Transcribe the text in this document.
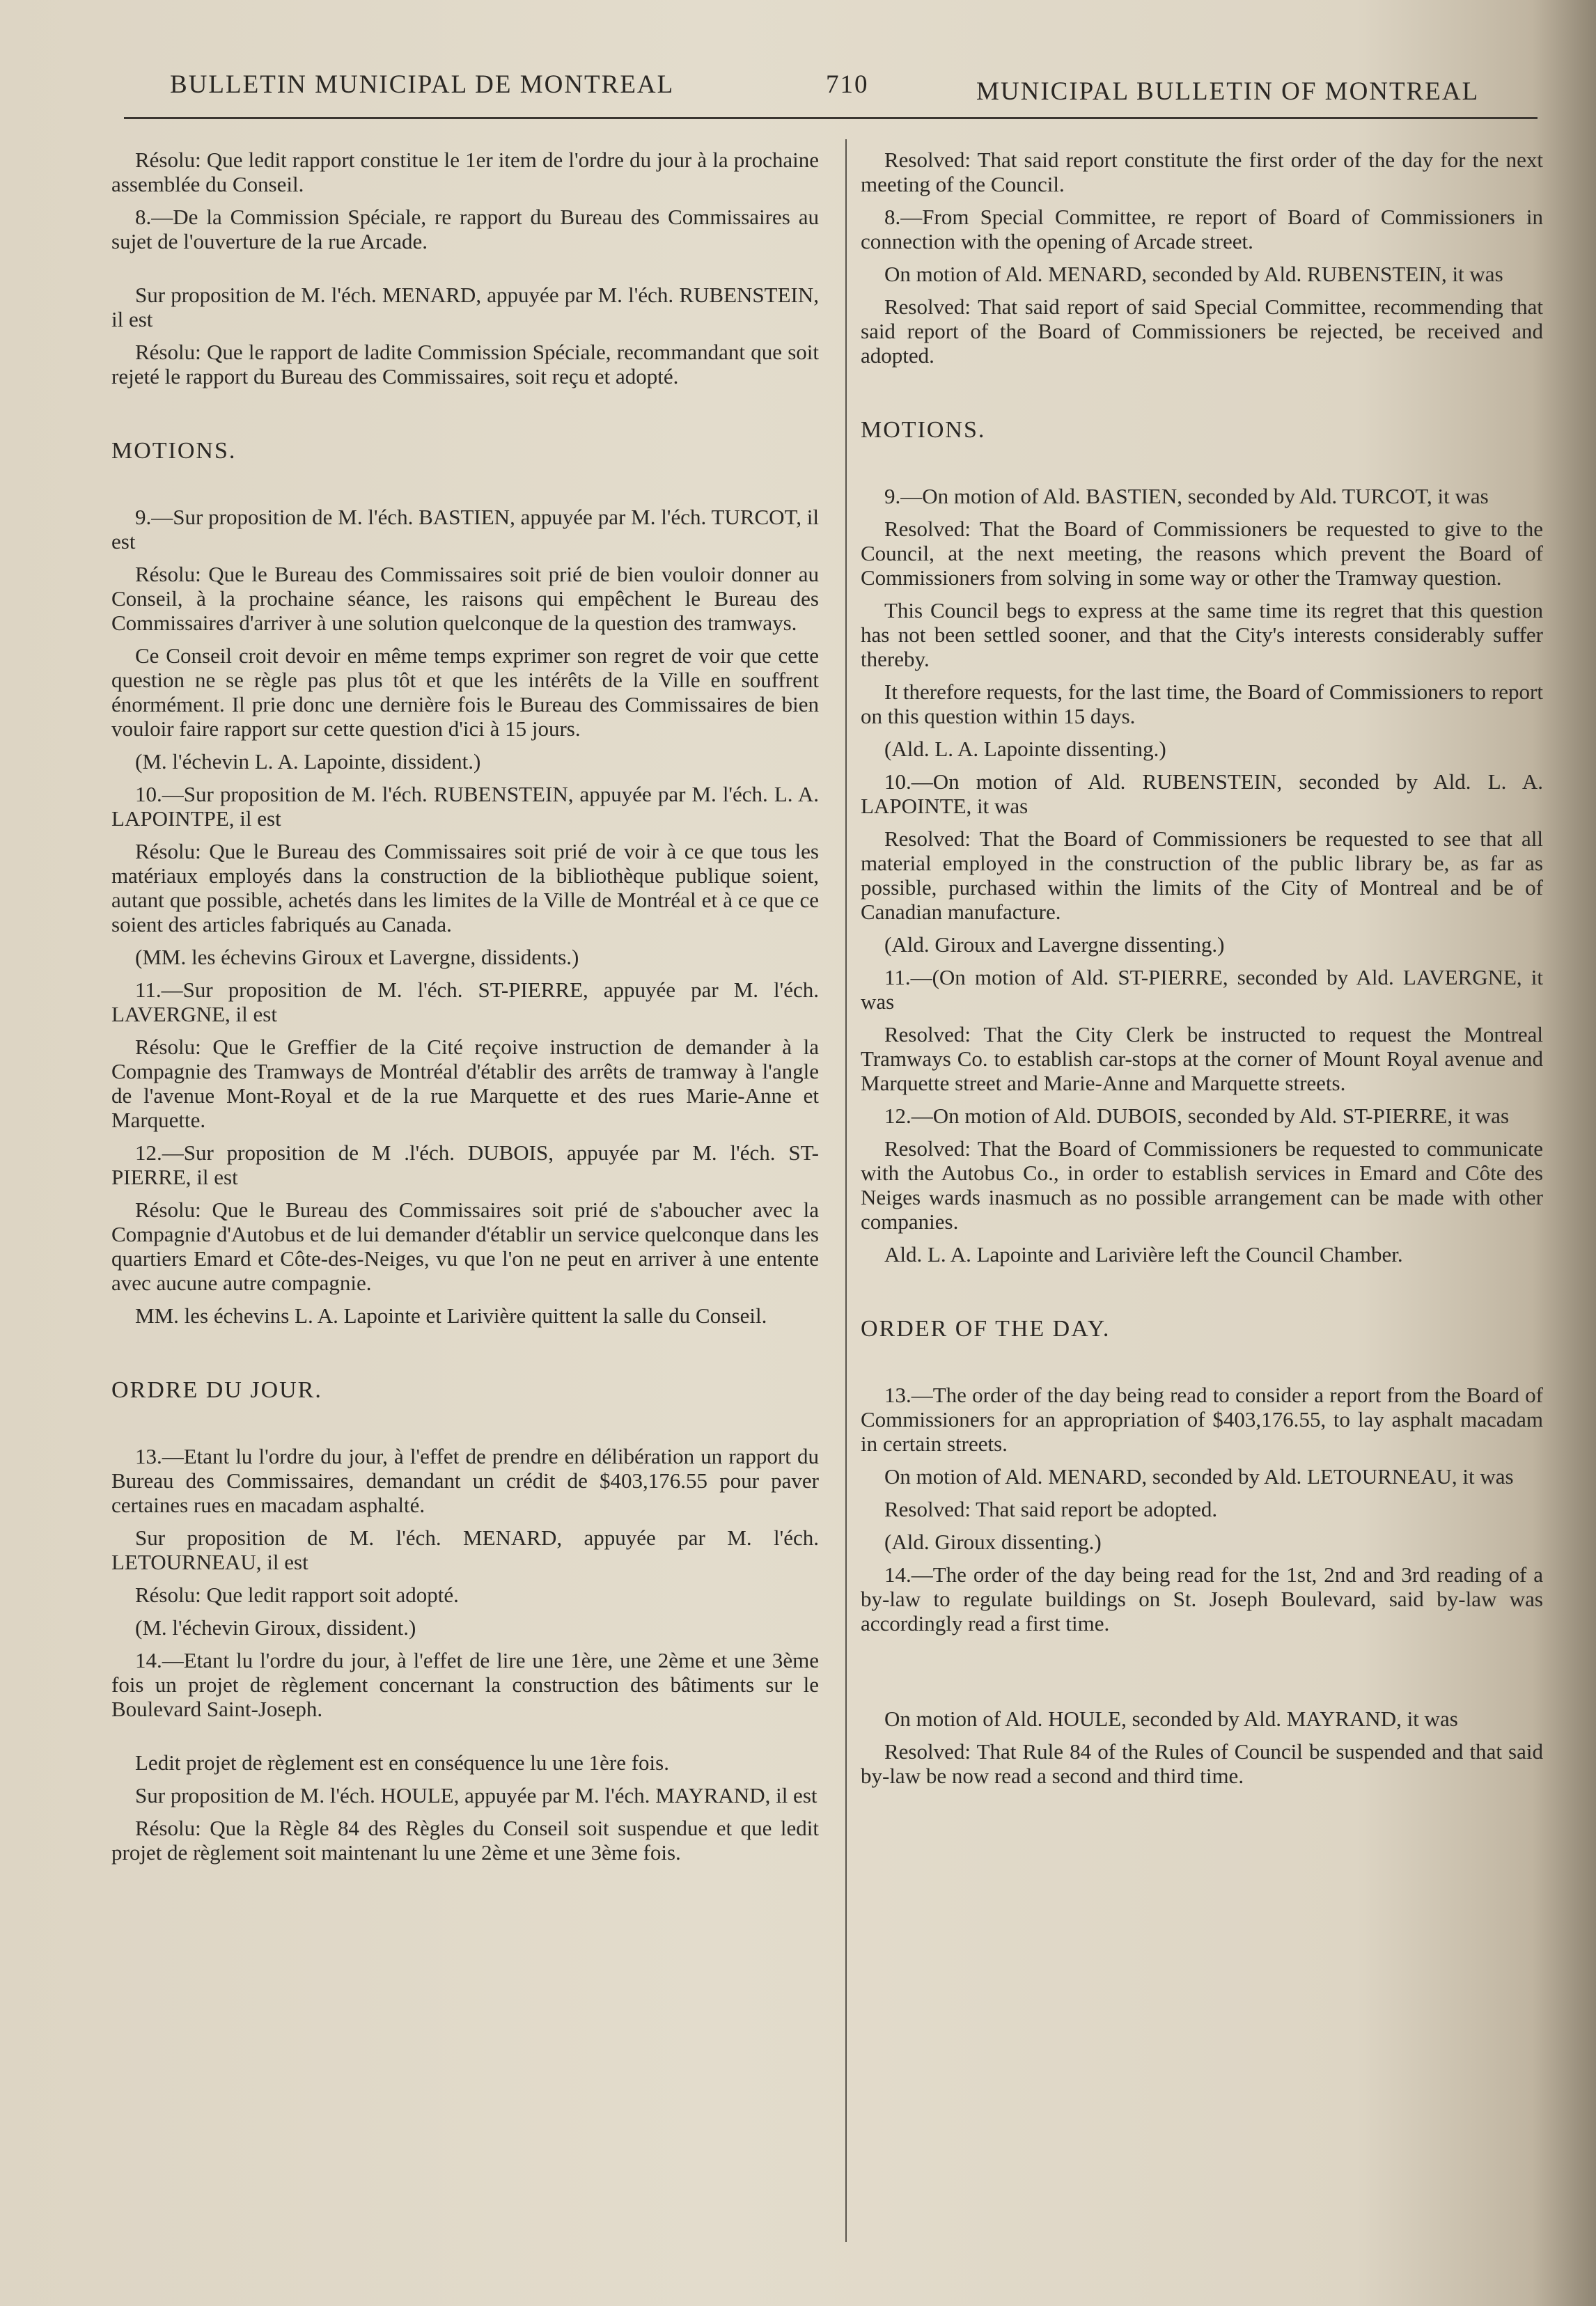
BULLETIN MUNICIPAL DE MONTREAL	710	MUNICIPAL BULLETIN OF MONTREAL

Résolu: Que ledit rapport constitue le 1er item de l'ordre du jour à la prochaine assemblée du Conseil.

8.—De la Commission Spéciale, re rapport du Bureau des Commissaires au sujet de l'ouverture de la rue Arcade.

Sur proposition de M. l'éch. MENARD, appuyée par M. l'éch. RUBENSTEIN, il est

Résolu: Que le rapport de ladite Commission Spéciale, recommandant que soit rejeté le rapport du Bureau des Commissaires, soit reçu et adopté.

MOTIONS.

9.—Sur proposition de M. l'éch. BASTIEN, appuyée par M. l'éch. TURCOT, il est

Résolu: Que le Bureau des Commissaires soit prié de bien vouloir donner au Conseil, à la prochaine séance, les raisons qui empêchent le Bureau des Commissaires d'arriver à une solution quelconque de la question des tramways.

Ce Conseil croit devoir en même temps exprimer son regret de voir que cette question ne se règle pas plus tôt et que les intérêts de la Ville en souffrent énormément. Il prie donc une dernière fois le Bureau des Commissaires de bien vouloir faire rapport sur cette question d'ici à 15 jours.

(M. l'échevin L. A. Lapointe, dissident.)

10.—Sur proposition de M. l'éch. RUBENSTEIN, appuyée par M. l'éch. L. A. LAPOINTPE, il est

Résolu: Que le Bureau des Commissaires soit prié de voir à ce que tous les matériaux employés dans la construction de la bibliothèque publique soient, autant que possible, achetés dans les limites de la Ville de Montréal et à ce que ce soient des articles fabriqués au Canada.

(MM. les échevins Giroux et Lavergne, dissidents.)

11.—Sur proposition de M. l'éch. ST-PIERRE, appuyée par M. l'éch. LAVERGNE, il est

Résolu: Que le Greffier de la Cité reçoive instruction de demander à la Compagnie des Tramways de Montréal d'établir des arrêts de tramway à l'angle de l'avenue Mont-Royal et de la rue Marquette et des rues Marie-Anne et Marquette.

12.—Sur proposition de M .l'éch. DUBOIS, appuyée par M. l'éch. ST-PIERRE, il est

Résolu: Que le Bureau des Commissaires soit prié de s'aboucher avec la Compagnie d'Autobus et de lui demander d'établir un service quelconque dans les quartiers Emard et Côte-des-Neiges, vu que l'on ne peut en arriver à une entente avec aucune autre compagnie.

MM. les échevins L. A. Lapointe et Larivière quittent la salle du Conseil.

ORDRE DU JOUR.

13.—Etant lu l'ordre du jour, à l'effet de prendre en délibération un rapport du Bureau des Commissaires, demandant un crédit de $403,176.55 pour paver certaines rues en macadam asphalté.

Sur proposition de M. l'éch. MENARD, appuyée par M. l'éch. LETOURNEAU, il est

Résolu: Que ledit rapport soit adopté.

(M. l'échevin Giroux, dissident.)

14.—Etant lu l'ordre du jour, à l'effet de lire une 1ère, une 2ème et une 3ème fois un projet de règlement concernant la construction des bâtiments sur le Boulevard Saint-Joseph.

Ledit projet de règlement est en conséquence lu une 1ère fois.

Sur proposition de M. l'éch. HOULE, appuyée par M. l'éch. MAYRAND, il est

Résolu: Que la Règle 84 des Règles du Conseil soit suspendue et que ledit projet de règlement soit maintenant lu une 2ème et une 3ème fois.

Resolved: That said report constitute the first order of the day for the next meeting of the Council.

8.—From Special Committee, re report of Board of Commissioners in connection with the opening of Arcade street.

On motion of Ald. MENARD, seconded by Ald. RUBENSTEIN, it was

Resolved: That said report of said Special Committee, recommending that said report of the Board of Commissioners be rejected, be received and adopted.

MOTIONS.

9.—On motion of Ald. BASTIEN, seconded by Ald. TURCOT, it was

Resolved: That the Board of Commissioners be requested to give to the Council, at the next meeting, the reasons which prevent the Board of Commissioners from solving in some way or other the Tramway question.

This Council begs to express at the same time its regret that this question has not been settled sooner, and that the City's interests considerably suffer thereby.

It therefore requests, for the last time, the Board of Commissioners to report on this question within 15 days.

(Ald. L. A. Lapointe dissenting.)

10.—On motion of Ald. RUBENSTEIN, seconded by Ald. L. A. LAPOINTE, it was

Resolved: That the Board of Commissioners be requested to see that all material employed in the construction of the public library be, as far as possible, purchased within the limits of the City of Montreal and be of Canadian manufacture.

(Ald. Giroux and Lavergne dissenting.)

11.—(On motion of Ald. ST-PIERRE, seconded by Ald. LAVERGNE, it was

Resolved: That the City Clerk be instructed to request the Montreal Tramways Co. to establish car-stops at the corner of Mount Royal avenue and Marquette street and Marie-Anne and Marquette streets.

12.—On motion of Ald. DUBOIS, seconded by Ald. ST-PIERRE, it was

Resolved: That the Board of Commissioners be requested to communicate with the Autobus Co., in order to establish services in Emard and Côte des Neiges wards inasmuch as no possible arrangement can be made with other companies.

Ald. L. A. Lapointe and Larivière left the Council Chamber.

ORDER OF THE DAY.

13.—The order of the day being read to consider a report from the Board of Commissioners for an appropriation of $403,176.55, to lay asphalt macadam in certain streets.

On motion of Ald. MENARD, seconded by Ald. LETOURNEAU, it was

Resolved: That said report be adopted.

(Ald. Giroux dissenting.)

14.—The order of the day being read for the 1st, 2nd and 3rd reading of a by-law to regulate buildings on St. Joseph Boulevard, said by-law was accordingly read a first time.

On motion of Ald. HOULE, seconded by Ald. MAYRAND, it was

Resolved: That Rule 84 of the Rules of Council be suspended and that said by-law be now read a second and third time.
